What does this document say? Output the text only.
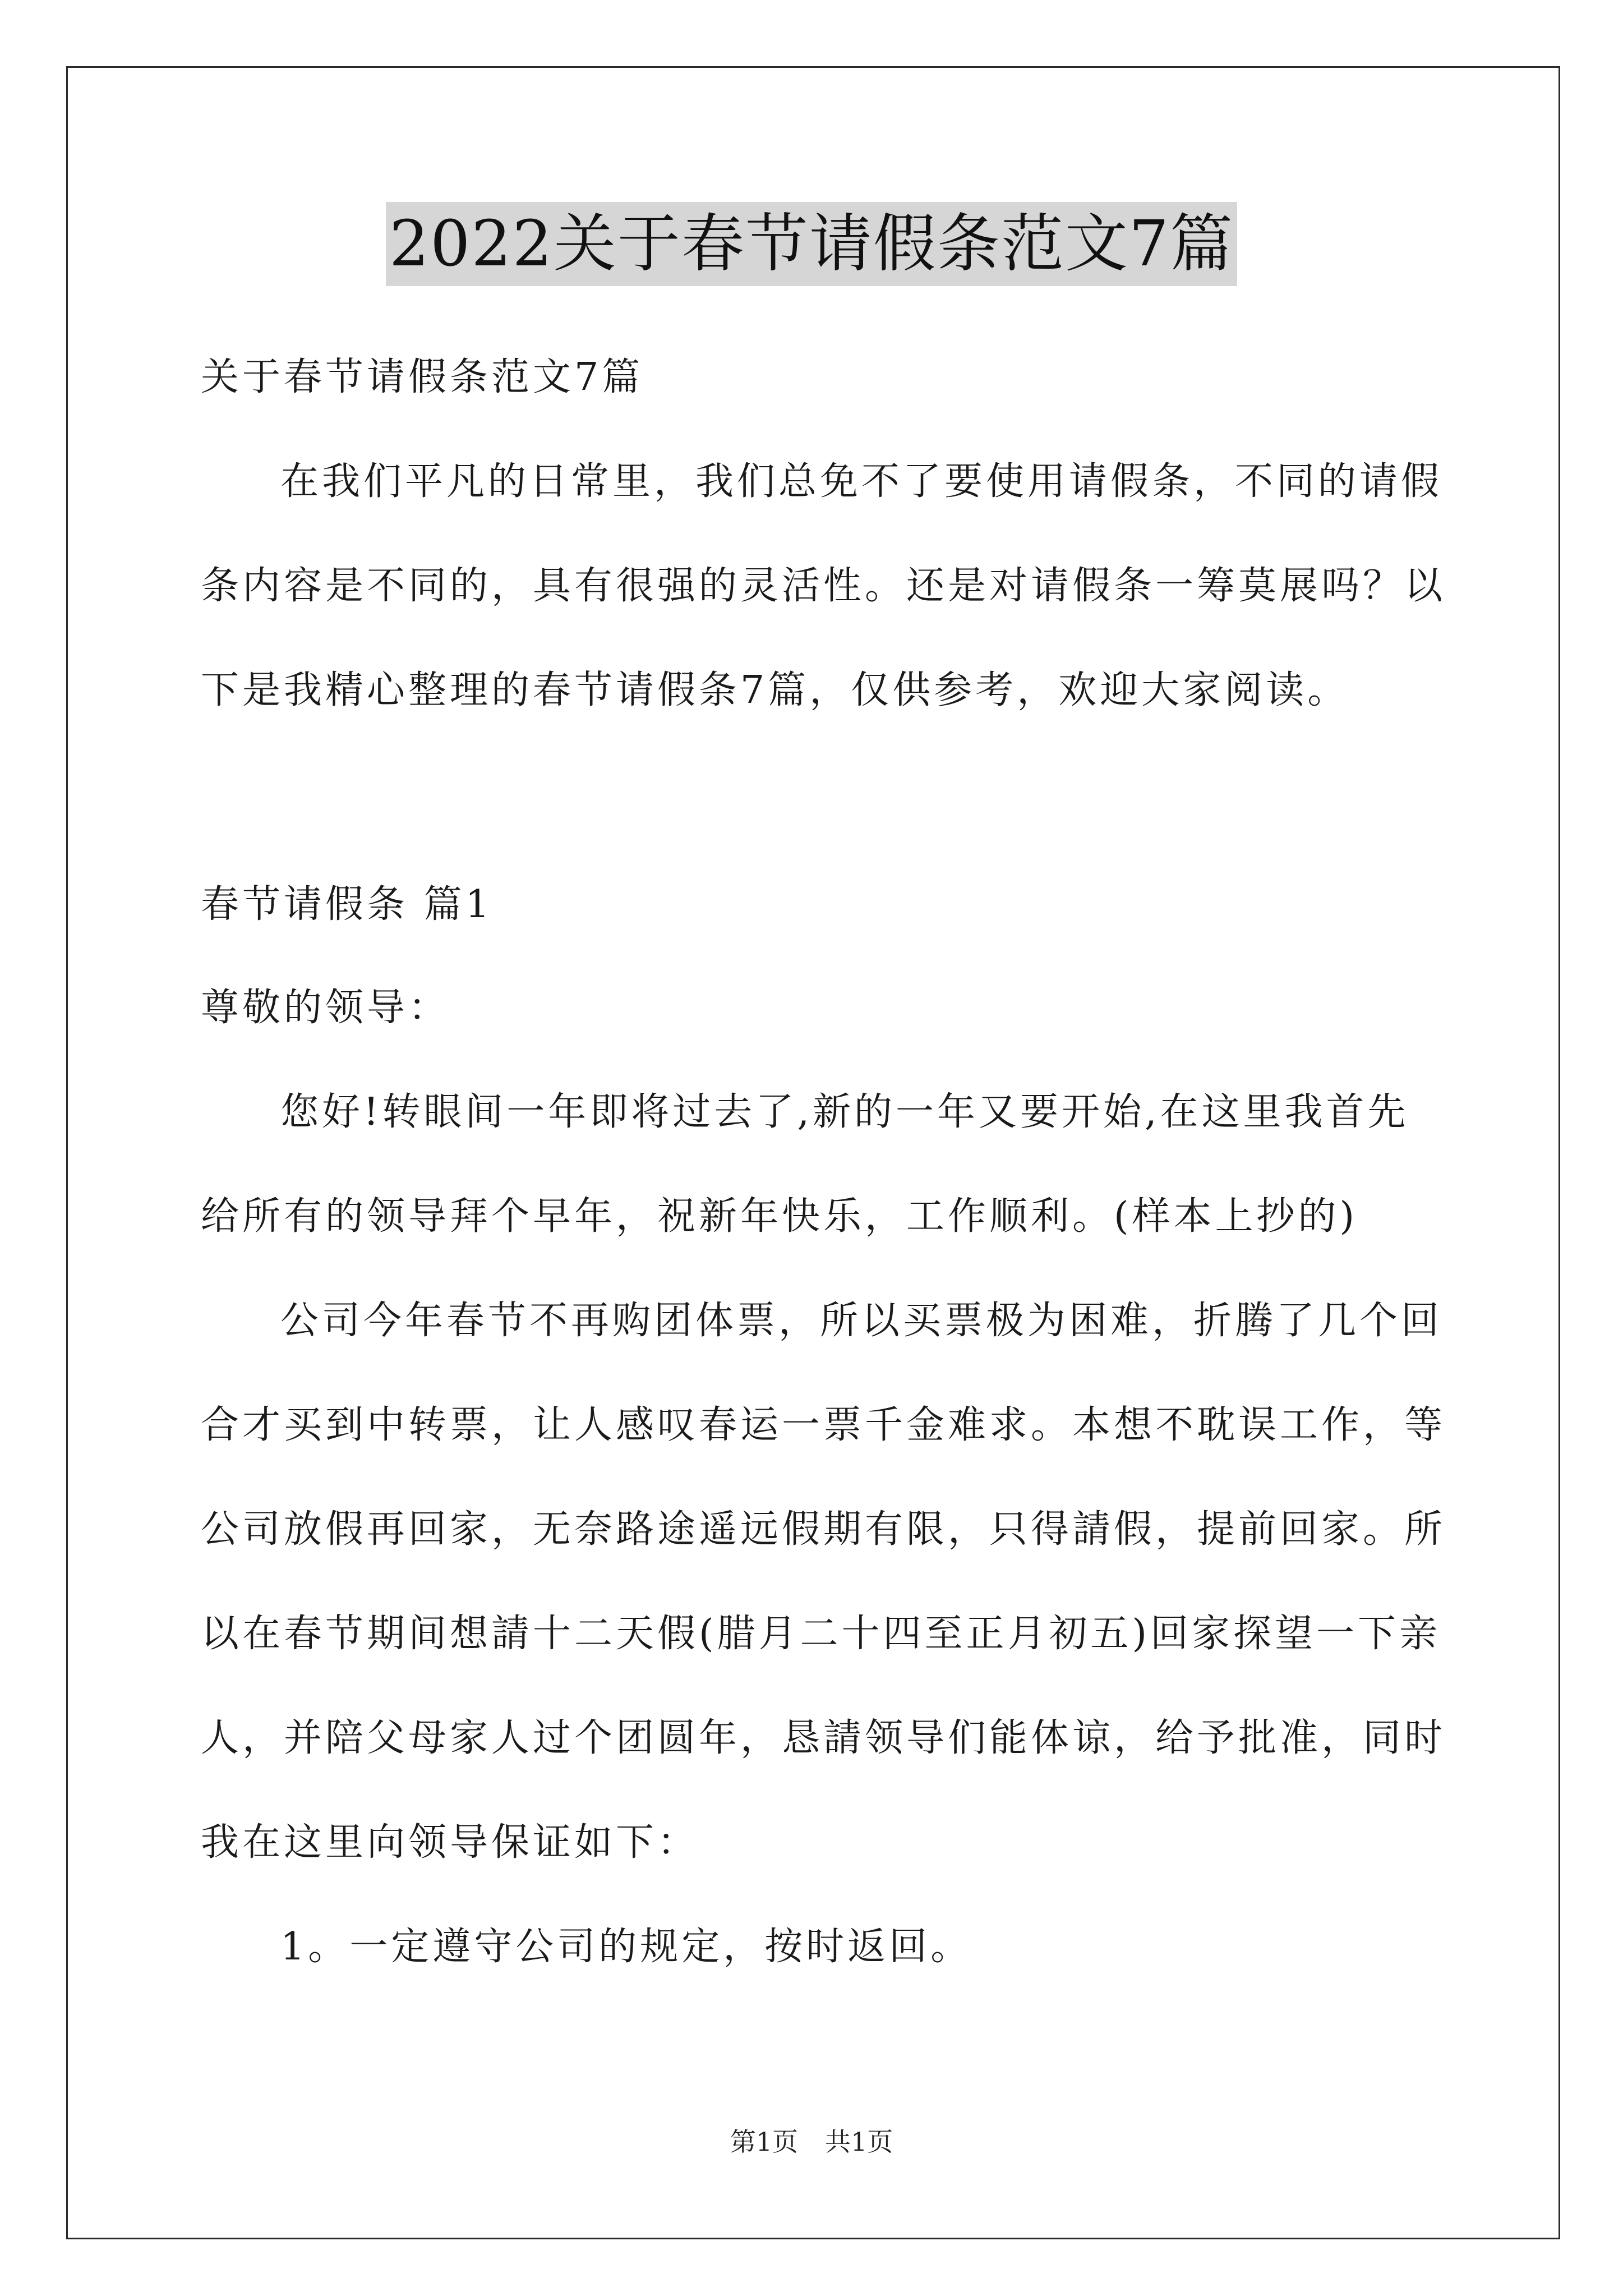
2022关于春节请假条范文7篇
关于春节请假条范文7篇
在我们平凡的日常里，我们总免不了要使用请假条，不同的请假
条内容是不同的，具有很强的灵活性。还是对请假条一筹莫展吗？以
下是我精心整理的春节请假条7篇，仅供参考，欢迎大家阅读。
春节请假条 篇1
尊敬的领导：
您好!转眼间一年即将过去了,新的一年又要开始,在这里我首先
给所有的领导拜个早年，祝新年快乐，工作顺利。(样本上抄的)
公司今年春节不再购团体票，所以买票极为困难，折腾了几个回
合才买到中转票，让人感叹春运一票千金难求。本想不耽误工作，等
公司放假再回家，无奈路途遥远假期有限，只得請假，提前回家。所
以在春节期间想請十二天假(腊月二十四至正月初五)回家探望一下亲
人，并陪父母家人过个团圆年，恳請领导们能体谅，给予批准，同时
我在这里向领导保证如下：
1。一定遵守公司的规定，按时返回。
第1页 共1页
